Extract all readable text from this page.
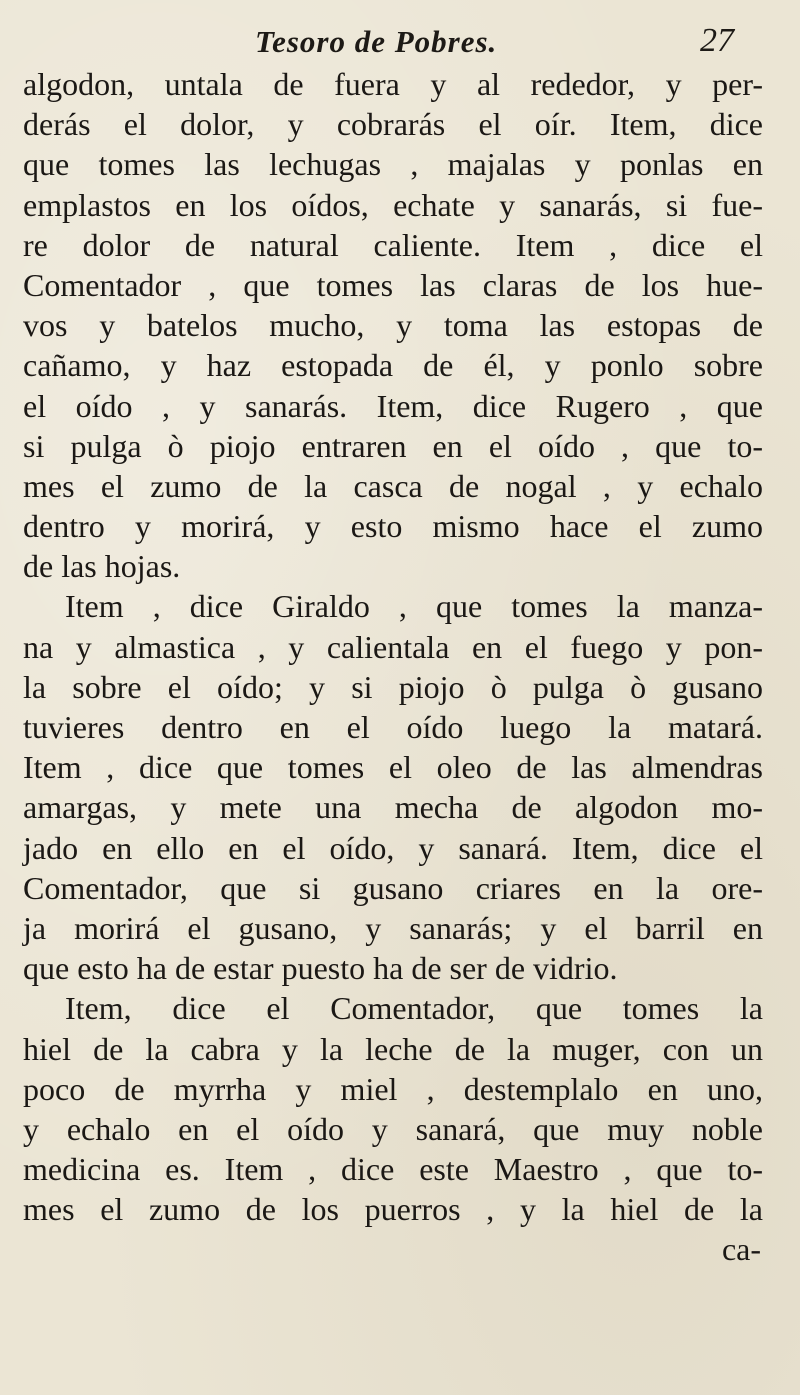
Tesoro de Pobres.	27
algodon, untala de fuera y al rededor, y per-
derás el dolor, y cobrarás el oír. Item, dice
que tomes las lechugas , majalas y ponlas en
emplastos en los oídos, echate y sanarás, si fue-
re dolor de natural caliente. Item , dice el
Comentador , que tomes las claras de los hue-
vos y batelos mucho, y toma las estopas de
cañamo, y haz estopada de él, y ponlo sobre
el oído , y sanarás. Item, dice Rugero , que
si pulga ò piojo entraren en el oído , que to-
mes el zumo de la casca de nogal , y echalo
dentro y morirá, y esto mismo hace el zumo
de las hojas.
Item , dice Giraldo , que tomes la manza-
na y almastica , y calientala en el fuego y pon-
la sobre el oído; y si piojo ò pulga ò gusano
tuvieres dentro en el oído luego la matará.
Item , dice que tomes el oleo de las almendras
amargas, y mete una mecha de algodon mo-
jado en ello en el oído, y sanará. Item, dice el
Comentador, que si gusano criares en la ore-
ja morirá el gusano, y sanarás; y el barril en
que esto ha de estar puesto ha de ser de vidrio.
Item, dice el Comentador, que tomes la
hiel de la cabra y la leche de la muger, con un
poco de myrrha y miel , destemplalo en uno,
y echalo en el oído y sanará, que muy noble
medicina es. Item , dice este Maestro , que to-
mes el zumo de los puerros , y la hiel de la
ca-
